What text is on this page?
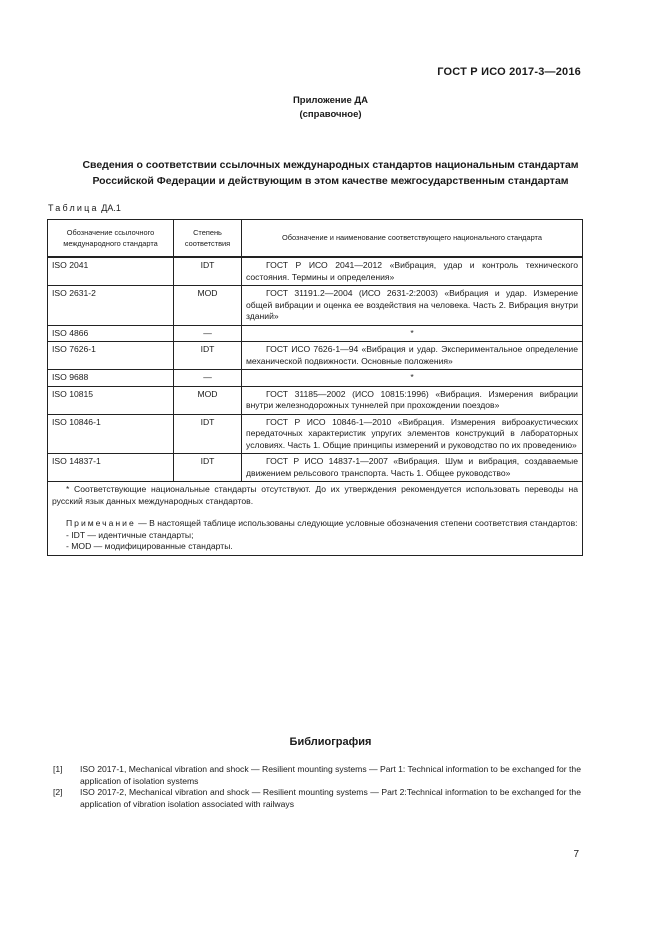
ГОСТ Р ИСО 2017-3—2016
Приложение ДА
(справочное)
Сведения о соответствии ссылочных международных стандартов национальным стандартам
Российской Федерации и действующим в этом качестве межгосударственным стандартам
Таблица ДА.1
Обозначение ссылочного международного стандарта	Степень соответствия	Обозначение и наименование соответствующего национального стандарта
ISO 2041	IDT	ГОСТ Р ИСО 2041—2012 «Вибрация, удар и контроль технического состояния. Термины и определения»
ISO 2631-2	MOD	ГОСТ 31191.2—2004 (ИСО 2631-2:2003) «Вибрация и удар. Измерение общей вибрации и оценка ее воздействия на человека. Часть 2. Вибрация внутри зданий»
ISO 4866	—	*
ISO 7626-1	IDT	ГОСТ ИСО 7626-1—94 «Вибрация и удар. Экспериментальное определение механической подвижности. Основные положения»
ISO 9688	—	*
ISO 10815	MOD	ГОСТ 31185—2002 (ИСО 10815:1996) «Вибрация. Измерения вибрации внутри железнодорожных туннелей при прохождении поездов»
ISO 10846-1	IDT	ГОСТ Р ИСО 10846-1—2010 «Вибрация. Измерения виброакустических передаточных характеристик упругих элементов конструкций в лабораторных условиях. Часть 1. Общие принципы измерений и руководство по их проведению»
ISO 14837-1	IDT	ГОСТ Р ИСО 14837-1—2007 «Вибрация. Шум и вибрация, создаваемые движением рельсового транспорта. Часть 1. Общее руководство»

* Соответствующие национальные стандарты отсутствуют. До их утверждения рекомендуется использовать переводы на русский язык данных международных стандартов.

Примечание — В настоящей таблице использованы следующие условные обозначения степени соответствия стандартов:

- IDT — идентичные стандарты;
- MOD — модифицированные стандарты.		
Библиография
[1] ISO 2017-1, Mechanical vibration and shock — Resilient mounting systems — Part 1: Technical information to be exchanged for the application of isolation systems
[2] ISO 2017-2, Mechanical vibration and shock — Resilient mounting systems — Part 2:Technical information to be exchanged for the application of vibration isolation associated with railways
7
